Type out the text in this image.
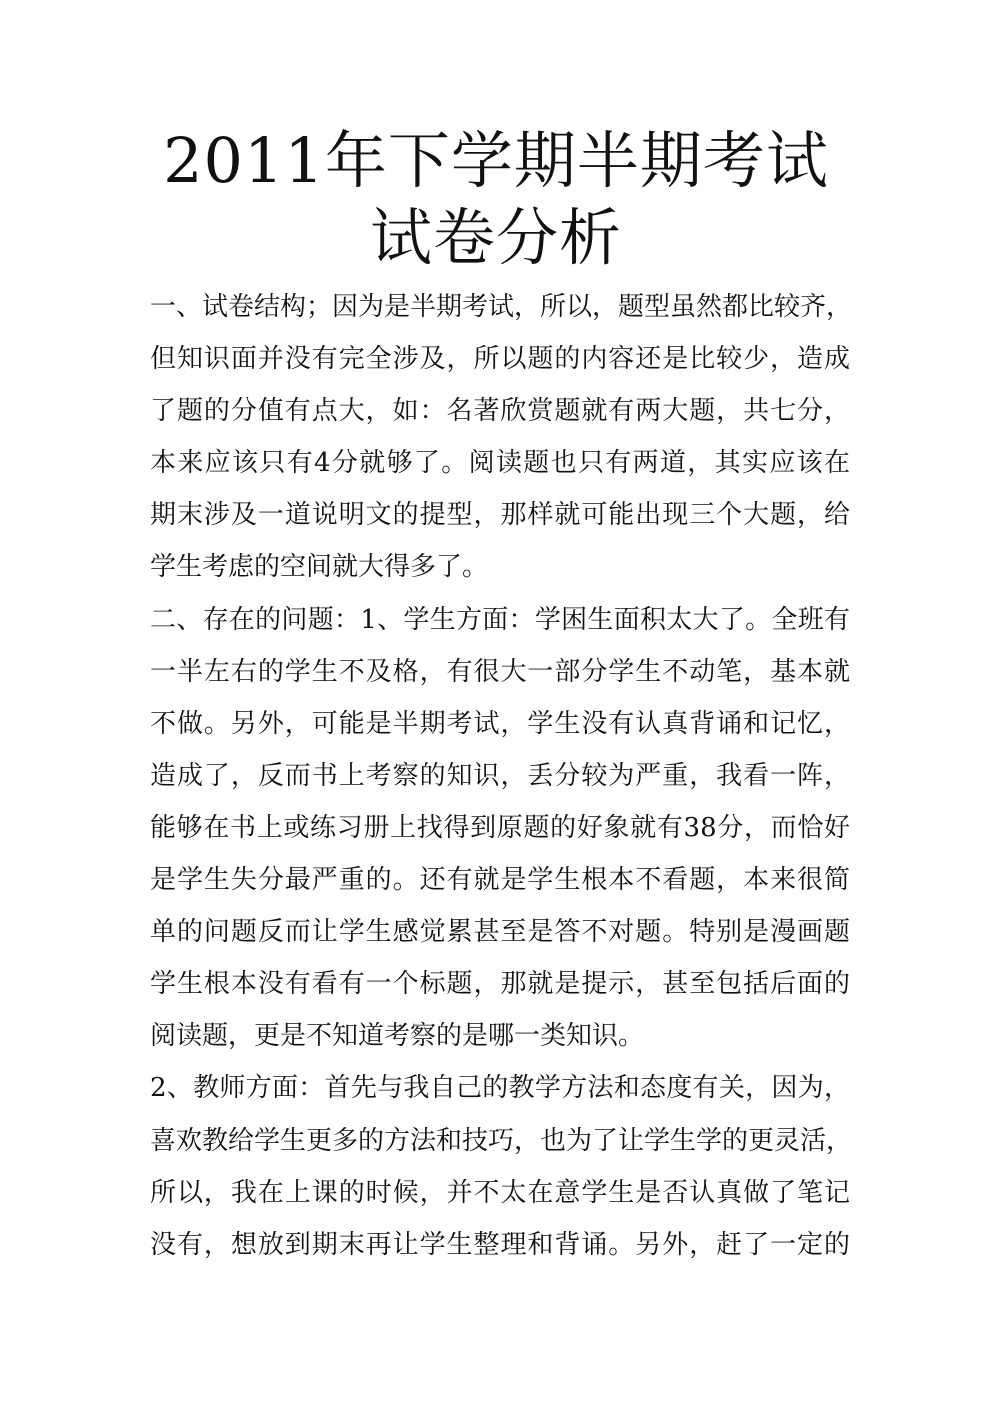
2011年下学期半期考试
试卷分析
一、试卷结构；因为是半期考试，所以，题型虽然都比较齐，
但知识面并没有完全涉及，所以题的内容还是比较少，造成
了题的分值有点大，如：名著欣赏题就有两大题，共七分，
本来应该只有4分就够了。阅读题也只有两道，其实应该在
期末涉及一道说明文的提型，那样就可能出现三个大题，给
学生考虑的空间就大得多了。
二、存在的问题：1、学生方面：学困生面积太大了。全班有
一半左右的学生不及格，有很大一部分学生不动笔，基本就
不做。另外，可能是半期考试，学生没有认真背诵和记忆，
造成了，反而书上考察的知识，丢分较为严重，我看一阵，
能够在书上或练习册上找得到原题的好象就有38分，而恰好
是学生失分最严重的。还有就是学生根本不看题，本来很简
单的问题反而让学生感觉累甚至是答不对题。特别是漫画题
学生根本没有看有一个标题，那就是提示，甚至包括后面的
阅读题，更是不知道考察的是哪一类知识。
2、教师方面：首先与我自己的教学方法和态度有关，因为，
喜欢教给学生更多的方法和技巧，也为了让学生学的更灵活，
所以，我在上课的时候，并不太在意学生是否认真做了笔记
没有，想放到期末再让学生整理和背诵。另外，赶了一定的
